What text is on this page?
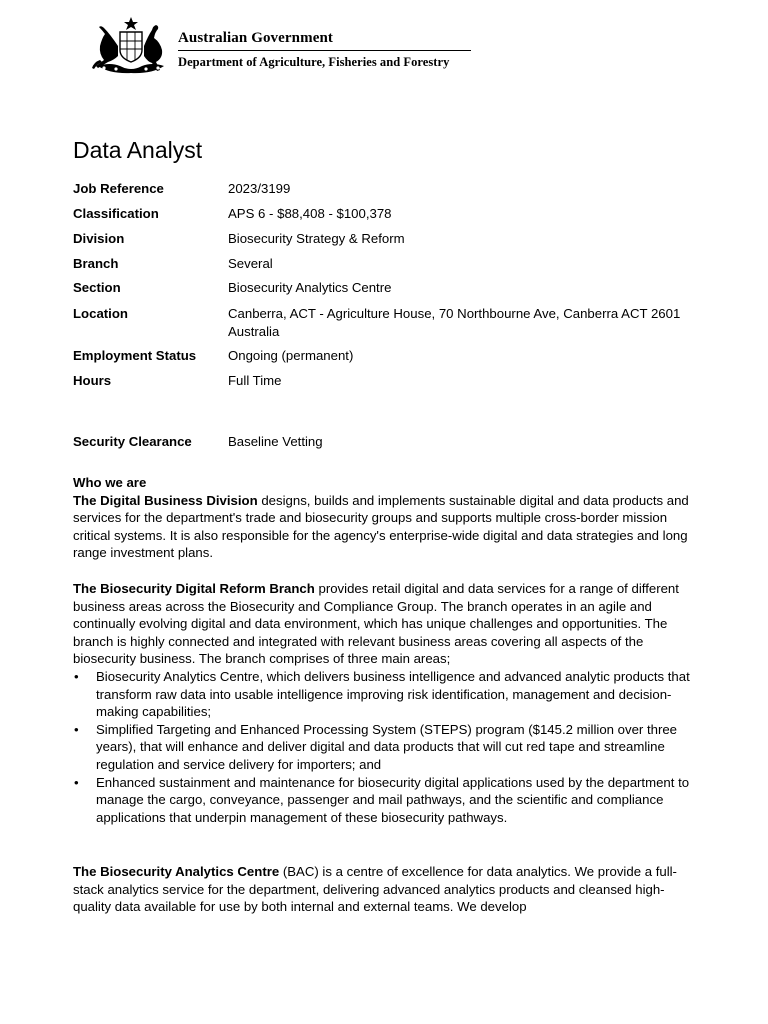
Australian Government
Department of Agriculture, Fisheries and Forestry
Data Analyst
Job Reference	2023/3199
Classification	APS 6 - $88,408 - $100,378
Division	Biosecurity Strategy & Reform
Branch	Several
Section	Biosecurity Analytics Centre
Location	Canberra, ACT - Agriculture House, 70 Northbourne Ave, Canberra ACT 2601 Australia
Employment Status	Ongoing (permanent)
Hours	Full Time
Security Clearance	Baseline Vetting
Who we are
The Digital Business Division designs, builds and implements sustainable digital and data products and services for the department's trade and biosecurity groups and supports multiple cross-border mission critical systems. It is also responsible for the agency's enterprise-wide digital and data strategies and long range investment plans.
The Biosecurity Digital Reform Branch provides retail digital and data services for a range of different business areas across the Biosecurity and Compliance Group. The branch operates in an agile and continually evolving digital and data environment, which has unique challenges and opportunities. The branch is highly connected and integrated with relevant business areas covering all aspects of the biosecurity business. The branch comprises of three main areas;
• Biosecurity Analytics Centre, which delivers business intelligence and advanced analytic products that transform raw data into usable intelligence improving risk identification, management and decision-making capabilities;
• Simplified Targeting and Enhanced Processing System (STEPS) program ($145.2 million over three years), that will enhance and deliver digital and data products that will cut red tape and streamline regulation and service delivery for importers; and
• Enhanced sustainment and maintenance for biosecurity digital applications used by the department to manage the cargo, conveyance, passenger and mail pathways, and the scientific and compliance applications that underpin management of these biosecurity pathways.
The Biosecurity Analytics Centre (BAC) is a centre of excellence for data analytics. We provide a full-stack analytics service for the department, delivering advanced analytics products and cleansed high-quality data available for use by both internal and external teams. We develop
